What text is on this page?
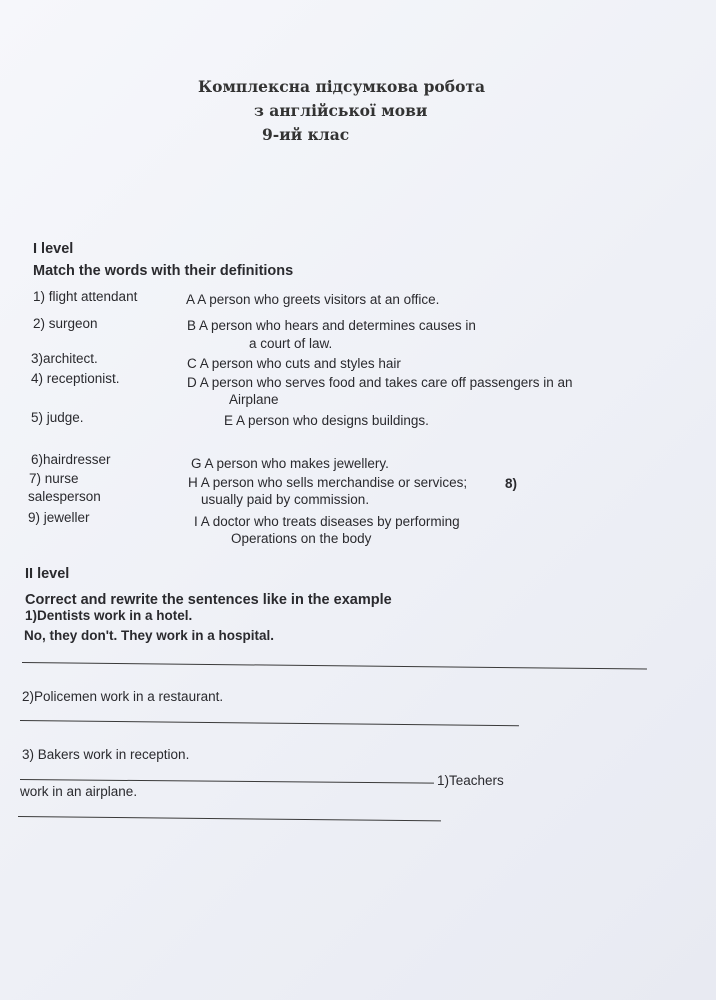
Комплексна підсумкова робота
з англійської мови
9-ий клас
I level
Match the words with their definitions
1) flight attendant
2) surgeon
3)architect.
4) receptionist.
5) judge.
6)hairdresser
7) nurse
salesperson
9) jeweller
A A person who greets visitors at an office.
B A person who hears and determines causes in
a court of law.
C A person who cuts and styles hair
D A person who serves food and takes care off passengers in an
Airplane
E A person who designs buildings.
G A person who makes jewellery.
H A person who sells merchandise or services;	8)
usually paid by commission.
I A doctor who treats diseases by performing
Operations on the body
II level
Correct and rewrite the sentences like in the example
1)Dentists work in a hotel.
No, they don't. They work in a hospital.
2)Policemen work in a restaurant.
3) Bakers work in reception.
1)Teachers
work in an airplane.
